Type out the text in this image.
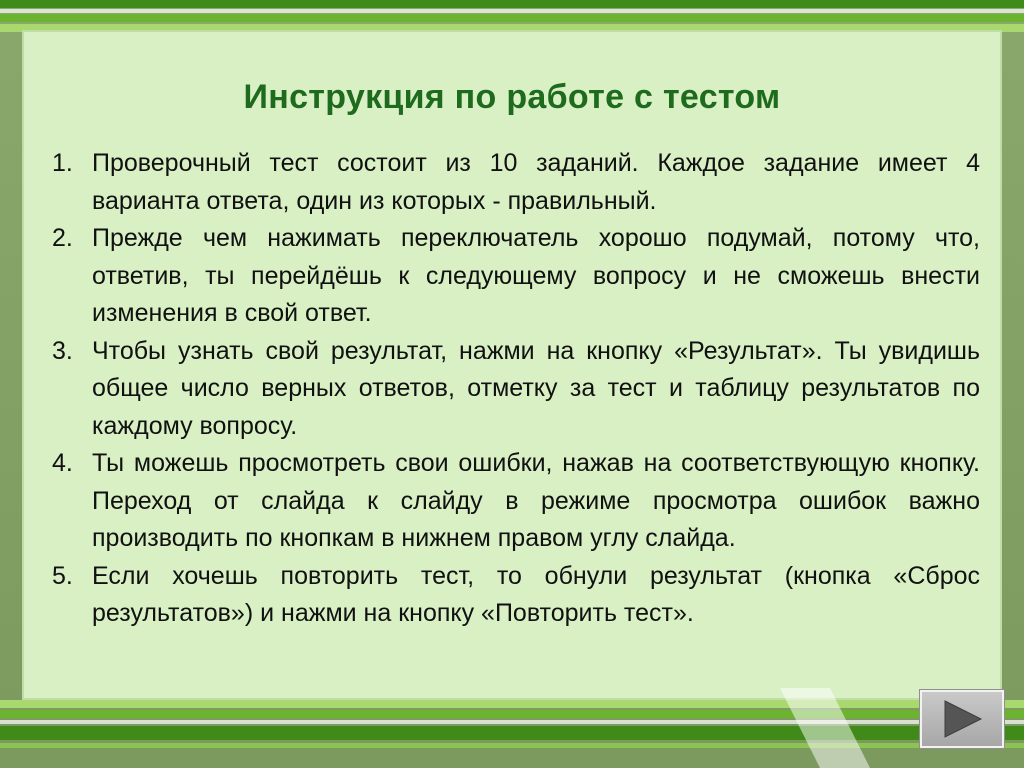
Инструкция по работе с тестом
1. Проверочный тест состоит из 10 заданий. Каждое задание имеет 4 варианта ответа, один из которых - правильный.
2. Прежде чем нажимать переключатель хорошо подумай, потому что, ответив, ты перейдёшь к следующему вопросу и не сможешь внести изменения в свой ответ.
3. Чтобы узнать свой результат, нажми на кнопку «Результат». Ты увидишь общее число верных ответов, отметку за тест и таблицу результатов по каждому вопросу.
4. Ты можешь просмотреть свои ошибки, нажав на соответствующую кнопку. Переход от слайда к слайду в режиме просмотра ошибок важно производить по кнопкам в нижнем правом углу слайда.
5. Если хочешь повторить тест, то обнули результат (кнопка «Сброс результатов») и нажми на кнопку «Повторить тест».
